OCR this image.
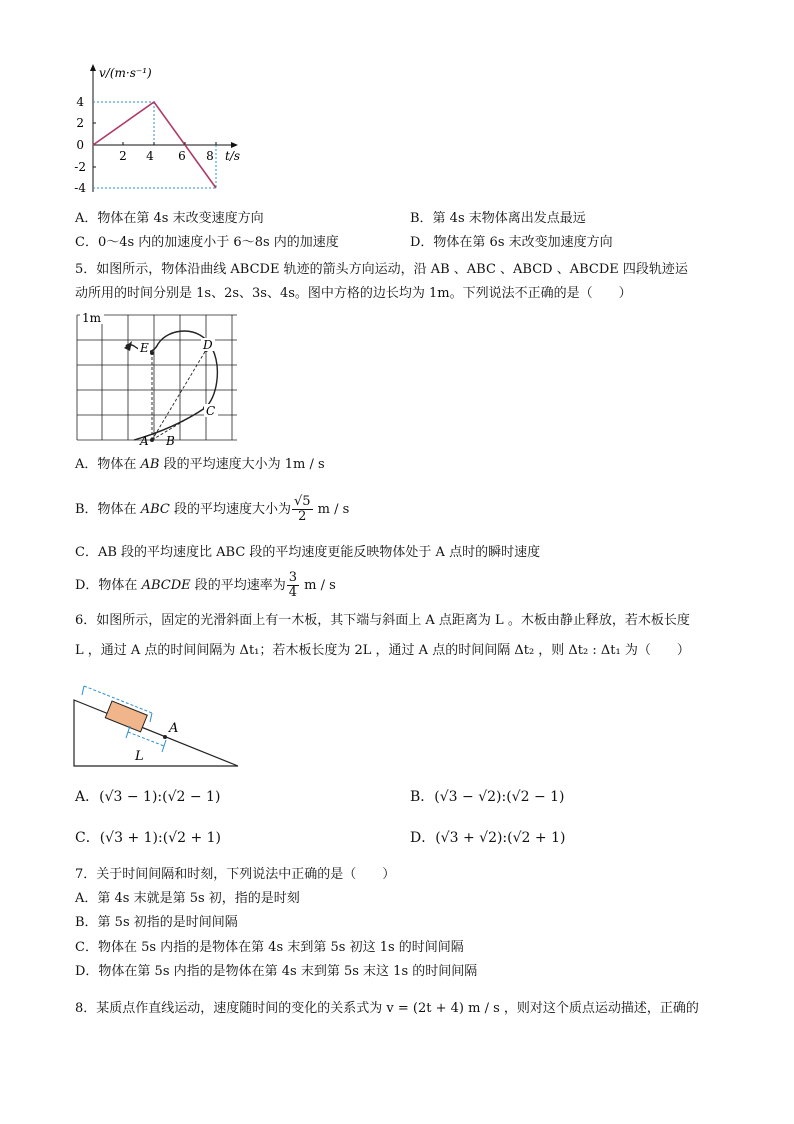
v/(m·s⁻¹)
t/s
4
2
0
-2
-4
2 4 6 8
A．物体在第 4s 末改变速度方向	B．第 4s 末物体离出发点最远
C．0～4s 内的加速度小于 6～8s 内的加速度	D．物体在第 6s 末改变加速度方向
5．如图所示，物体沿曲线 ABCDE 轨迹的箭头方向运动，沿 AB 、ABC 、ABCD 、ABCDE 四段轨迹运
动所用的时间分别是 1s、2s、3s、4s。图中方格的边长均为 1m。下列说法不正确的是（　　）
1m
E	D
C
A B
A．物体在 AB 段的平均速度大小为 1m / s
B．物体在 ABC 段的平均速度大小为 $\frac{√5}{2}$ m / s
C．AB 段的平均速度比 ABC 段的平均速度更能反映物体处于 A 点时的瞬时速度
D．物体在 ABCDE 段的平均速率为 $\frac{3}{4}$ m / s
6．如图所示，固定的光滑斜面上有一木板，其下端与斜面上 A 点距离为 L 。木板由静止释放，若木板长度
L ，通过 A 点的时间间隔为 Δt₁；若木板长度为 2L ，通过 A 点的时间间隔 Δt₂ ，则 Δt₂ : Δt₁ 为（　　）
A
L
A．(√3 − 1):(√2 − 1)	B．(√3 − √2):(√2 − 1)
C．(√3 + 1):(√2 + 1)	D．(√3 + √2):(√2 + 1)
7．关于时间间隔和时刻，下列说法中正确的是（　　）
A．第 4s 末就是第 5s 初，指的是时刻
B．第 5s 初指的是时间间隔
C．物体在 5s 内指的是物体在第 4s 末到第 5s 初这 1s 的时间间隔
D．物体在第 5s 内指的是物体在第 4s 末到第 5s 末这 1s 的时间间隔
8．某质点作直线运动，速度随时间的变化的关系式为 v = (2t + 4) m / s ，则对这个质点运动描述，正确的
